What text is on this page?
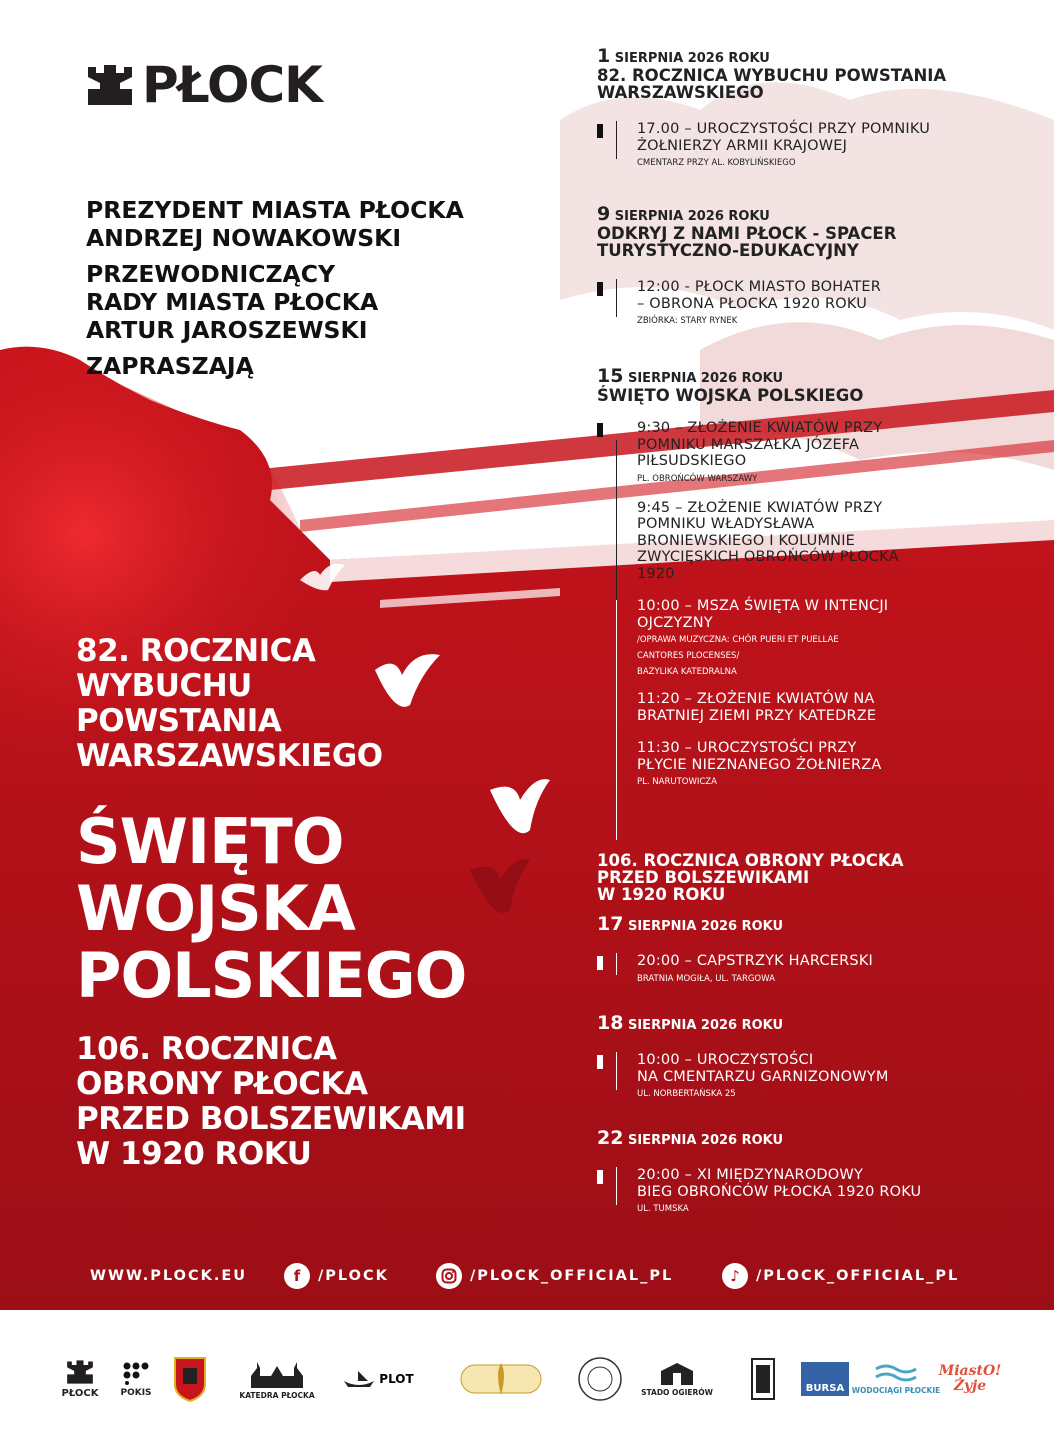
PŁOCK
PREZYDENT MIASTA PŁOCKA
ANDRZEJ NOWAKOWSKI
PRZEWODNICZĄCY
RADY MIASTA PŁOCKA
ARTUR JAROSZEWSKI
ZAPRASZAJĄ
82. ROCZNICA
WYBUCHU
POWSTANIA
WARSZAWSKIEGO
ŚWIĘTO
WOJSKA
POLSKIEGO
106. ROCZNICA
OBRONY PŁOCKA
PRZED BOLSZEWIKAMI
W 1920 ROKU
1 SIERPNIA 2026 ROKU
82. ROCZNICA WYBUCHU POWSTANIA
WARSZAWSKIEGO
17.00 – UROCZYSTOŚCI PRZY POMNIKU
ŻOŁNIERZY ARMII KRAJOWEJ
CMENTARZ PRZY AL. KOBYLIŃSKIEGO
9 SIERPNIA 2026 ROKU
ODKRYJ Z NAMI PŁOCK - SPACER
TURYSTYCZNO-EDUKACYJNY
12:00 - PŁOCK MIASTO BOHATER
– OBRONA PŁOCKA 1920 ROKU
ZBIÓRKA: STARY RYNEK
15 SIERPNIA 2026 ROKU
ŚWIĘTO WOJSKA POLSKIEGO
9:30 – ZŁOŻENIE KWIATÓW PRZY
POMNIKU MARSZAŁKA JÓZEFA
PIŁSUDSKIEGO
PL. OBROŃCÓW WARSZAWY
9:45 – ZŁOŻENIE KWIATÓW PRZY
POMNIKU WŁADYSŁAWA
BRONIEWSKIEGO I KOLUMNIE
ZWYCIĘSKICH OBROŃCÓW PŁOCKA
1920
10:00 – MSZA ŚWIĘTA W INTENCJI
OJCZYZNY
/OPRAWA MUZYCZNA: CHÓR PUERI ET PUELLAE
CANTORES PLOCENSES/
BAZYLIKA KATEDRALNA
11:20 – ZŁOŻENIE KWIATÓW NA
BRATNIEJ ZIEMI PRZY KATEDRZE
11:30 – UROCZYSTOŚCI PRZY
PŁYCIE NIEZNANEGO ŻOŁNIERZA
PL. NARUTOWICZA
106. ROCZNICA OBRONY PŁOCKA
PRZED BOLSZEWIKAMI
W 1920 ROKU
17 SIERPNIA 2026 ROKU
20:00 – CAPSTRZYK HARCERSKI
BRATNIA MOGIŁA, UL. TARGOWA
18 SIERPNIA 2026 ROKU
10:00 – UROCZYSTOŚCI
NA CMENTARZU GARNIZONOWYM
UL. NORBERTAŃSKA 25
22 SIERPNIA 2026 ROKU
20:00 – XI MIĘDZYNARODOWY
BIEG OBROŃCÓW PŁOCKA 1920 ROKU
UL. TUMSKA
WWW.PLOCK.EU	f	/PLOCK	/PLOCK_OFFICIAL_PL	♪	/PLOCK_OFFICIAL_PL
PŁOCK POKIS	KATEDRA PŁOCKA
PLOT
STADO OGIERÓW	BURSA	WODOCIĄGI PŁOCKIE
MiastO! Żyje
